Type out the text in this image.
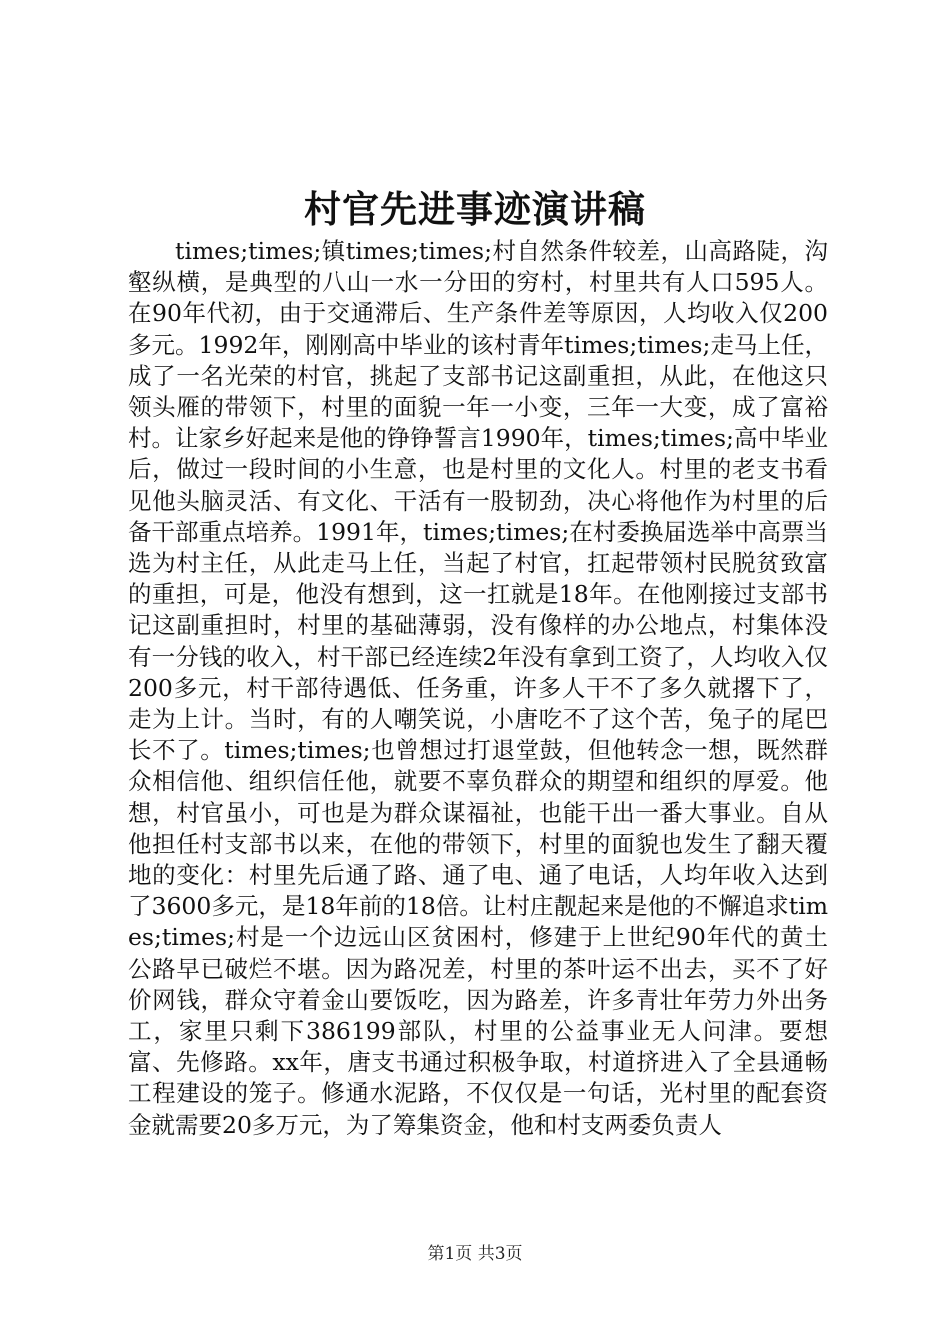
村官先进事迹演讲稿

times;times;镇times;times;村自然条件较差，山高路陡，沟壑纵横，是典型的八山一水一分田的穷村，村里共有人口595人。在90年代初，由于交通滞后、生产条件差等原因，人均收入仅200多元。1992年，刚刚高中毕业的该村青年times;times;走马上任，成了一名光荣的村官，挑起了支部书记这副重担，从此，在他这只领头雁的带领下，村里的面貌一年一小变，三年一大变，成了富裕村。让家乡好起来是他的铮铮誓言1990年，times;times;高中毕业后，做过一段时间的小生意，也是村里的文化人。村里的老支书看见他头脑灵活、有文化、干活有一股韧劲，决心将他作为村里的后备干部重点培养。1991年，times;times;在村委换届选举中高票当选为村主任，从此走马上任，当起了村官，扛起带领村民脱贫致富的重担，可是，他没有想到，这一扛就是18年。在他刚接过支部书记这副重担时，村里的基础薄弱，没有像样的办公地点，村集体没有一分钱的收入，村干部已经连续2年没有拿到工资了，人均收入仅200多元，村干部待遇低、任务重，许多人干不了多久就撂下了，走为上计。当时，有的人嘲笑说，小唐吃不了这个苦，兔子的尾巴长不了。times;times;也曾想过打退堂鼓，但他转念一想，既然群众相信他、组织信任他，就要不辜负群众的期望和组织的厚爱。他想，村官虽小，可也是为群众谋福祉，也能干出一番大事业。自从他担任村支部书以来，在他的带领下，村里的面貌也发生了翻天覆地的变化：村里先后通了路、通了电、通了电话，人均年收入达到了3600多元，是18年前的18倍。让村庄靓起来是他的不懈追求times;times;村是一个边远山区贫困村，修建于上世纪90年代的黄土公路早已破烂不堪。因为路况差，村里的茶叶运不出去，买不了好价网钱，群众守着金山要饭吃，因为路差，许多青壮年劳力外出务工，家里只剩下386199部队，村里的公益事业无人问津。要想富、先修路。xx年，唐支书通过积极争取，村道挤进入了全县通畅工程建设的笼子。修通水泥路，不仅仅是一句话，光村里的配套资金就需要20多万元，为了筹集资金，他和村支两委负责人

第1页 共3页
